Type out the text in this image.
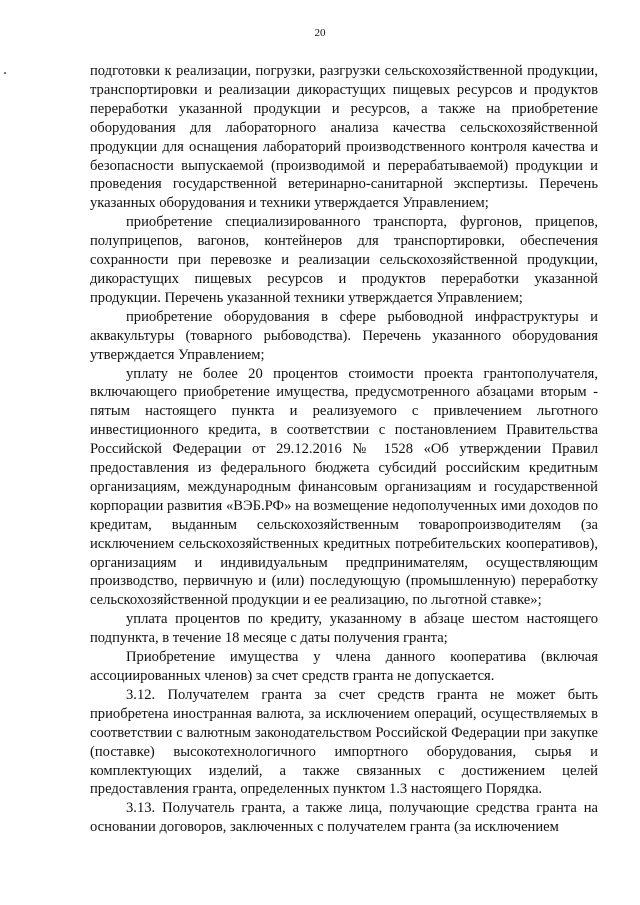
20

подготовки к реализации, погрузки, разгрузки сельскохозяйственной продукции, транспортировки и реализации дикорастущих пищевых ресурсов и продуктов переработки указанной продукции и ресурсов, а также на приобретение оборудования для лабораторного анализа качества сельскохозяйственной продукции для оснащения лабораторий производственного контроля качества и безопасности выпускаемой (производимой и перерабатываемой) продукции и проведения государственной ветеринарно-санитарной экспертизы. Перечень указанных оборудования и техники утверждается Управлением;

приобретение специализированного транспорта, фургонов, прицепов, полуприцепов, вагонов, контейнеров для транспортировки, обеспечения сохранности при перевозке и реализации сельскохозяйственной продукции, дикорастущих пищевых ресурсов и продуктов переработки указанной продукции. Перечень указанной техники утверждается Управлением;

приобретение оборудования в сфере рыбоводной инфраструктуры и аквакультуры (товарного рыбоводства). Перечень указанного оборудования утверждается Управлением;

уплату не более 20 процентов стоимости проекта грантополучателя, включающего приобретение имущества, предусмотренного абзацами вторым - пятым настоящего пункта и реализуемого с привлечением льготного инвестиционного кредита, в соответствии с постановлением Правительства Российской Федерации от 29.12.2016 № 1528 «Об утверждении Правил предоставления из федерального бюджета субсидий российским кредитным организациям, международным финансовым организациям и государственной корпорации развития «ВЭБ.РФ» на возмещение недополученных ими доходов по кредитам, выданным сельскохозяйственным товаропроизводителям (за исключением сельскохозяйственных кредитных потребительских кооперативов), организациям и индивидуальным предпринимателям, осуществляющим производство, первичную и (или) последующую (промышленную) переработку сельскохозяйственной продукции и ее реализацию, по льготной ставке»;

уплата процентов по кредиту, указанному в абзаце шестом настоящего подпункта, в течение 18 месяце с даты получения гранта;

Приобретение имущества у члена данного кооператива (включая ассоциированных членов) за счет средств гранта не допускается.

3.12. Получателем гранта за счет средств гранта не может быть приобретена иностранная валюта, за исключением операций, осуществляемых в соответствии с валютным законодательством Российской Федерации при закупке (поставке) высокотехнологичного импортного оборудования, сырья и комплектующих изделий, а также связанных с достижением целей предоставления гранта, определенных пунктом 1.3 настоящего Порядка.

3.13. Получатель гранта, а также лица, получающие средства гранта на основании договоров, заключенных с получателем гранта (за исключением
